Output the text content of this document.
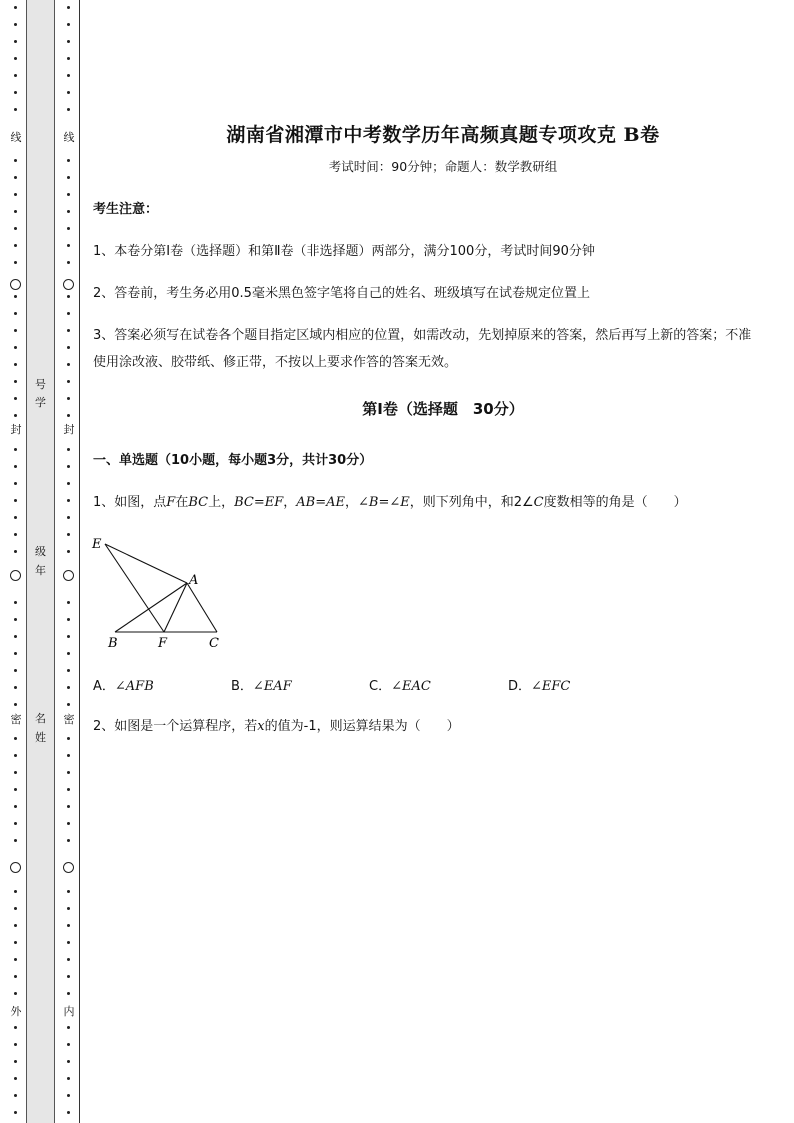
线
封
密
外
号
学
级
年
名
姓
线
封
密
内
湖南省湘潭市中考数学历年高频真题专项攻克 B卷
考试时间：90分钟；命题人：数学教研组
考生注意：
1、本卷分第I卷（选择题）和第Ⅱ卷（非选择题）两部分，满分100分，考试时间90分钟
2、答卷前，考生务必用0.5毫米黑色签字笔将自己的姓名、班级填写在试卷规定位置上
3、答案必须写在试卷各个题目指定区域内相应的位置，如需改动，先划掉原来的答案，然后再写上新的答案；不准使用涂改液、胶带纸、修正带，不按以上要求作答的答案无效。
第I卷（选择题　30分）
一、单选题（10小题，每小题3分，共计30分）
1、如图，点F在BC上，BC=EF，AB=AE，∠B=∠E，则下列角中，和2∠C度数相等的角是（　　）
E
A
B	F	C
A．∠AFB	B．∠EAF	C．∠EAC	D．∠EFC
2、如图是一个运算程序，若x的值为-1，则运算结果为（　　）
